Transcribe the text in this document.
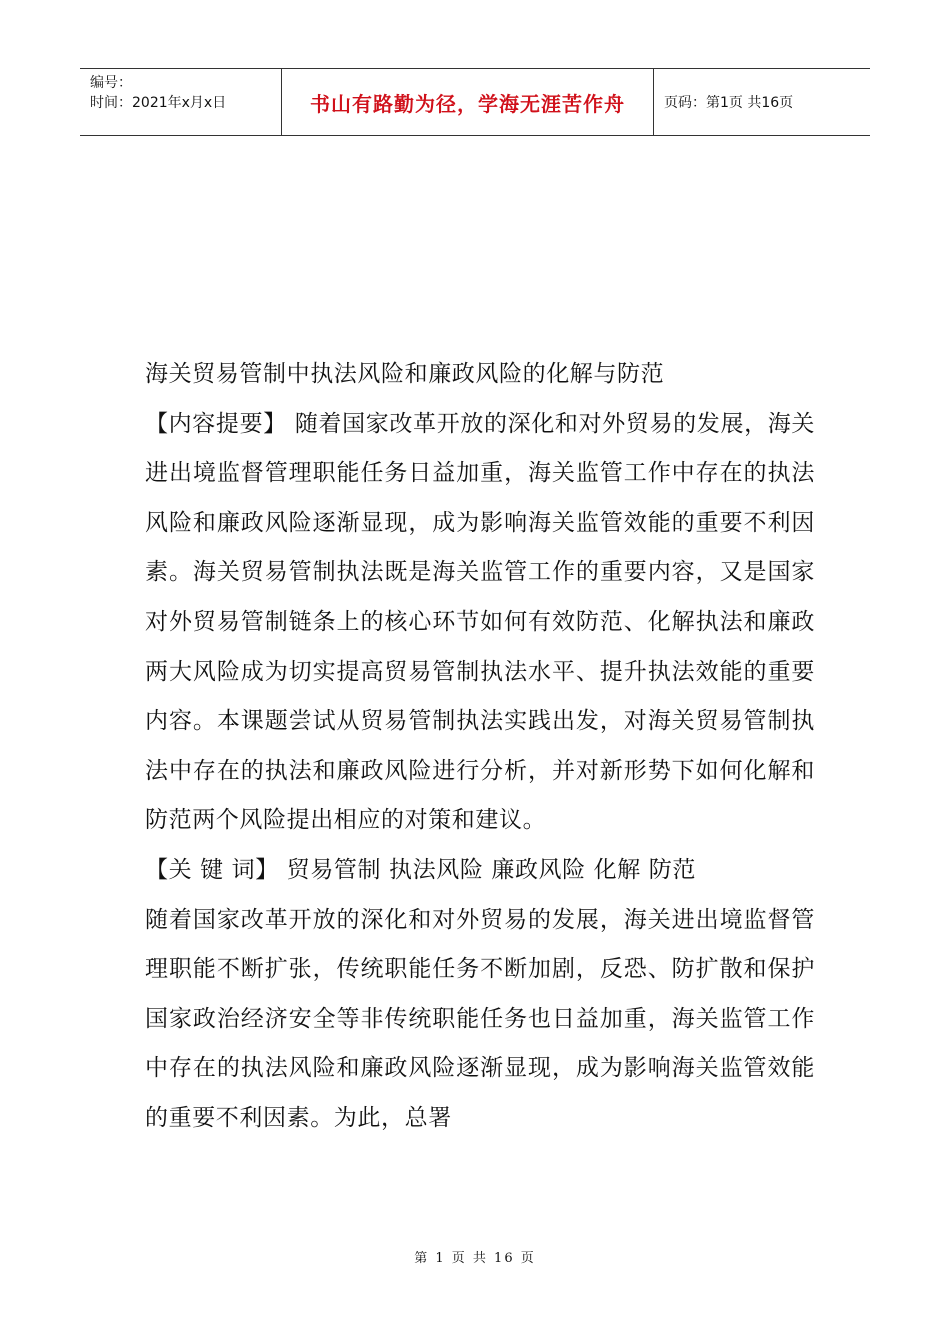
编号：
时间：2021年x月x日	书山有路勤为径，学海无涯苦作舟	页码：第1页 共16页

海关贸易管制中执法风险和廉政风险的化解与防范

【内容提要】 随着国家改革开放的深化和对外贸易的发展，海关进出境监督管理职能任务日益加重，海关监管工作中存在的执法风险和廉政风险逐渐显现，成为影响海关监管效能的重要不利因素。海关贸易管制执法既是海关监管工作的重要内容，又是国家对外贸易管制链条上的核心环节如何有效防范、化解执法和廉政两大风险成为切实提高贸易管制执法水平、提升执法效能的重要内容。本课题尝试从贸易管制执法实践出发，对海关贸易管制执法中存在的执法和廉政风险进行分析，并对新形势下如何化解和防范两个风险提出相应的对策和建议。

【关 键 词】 贸易管制 执法风险 廉政风险 化解 防范

随着国家改革开放的深化和对外贸易的发展，海关进出境监督管理职能不断扩张，传统职能任务不断加剧，反恐、防扩散和保护国家政治经济安全等非传统职能任务也日益加重，海关监管工作中存在的执法风险和廉政风险逐渐显现，成为影响海关监管效能的重要不利因素。为此，总署

第 1 页 共 16 页
